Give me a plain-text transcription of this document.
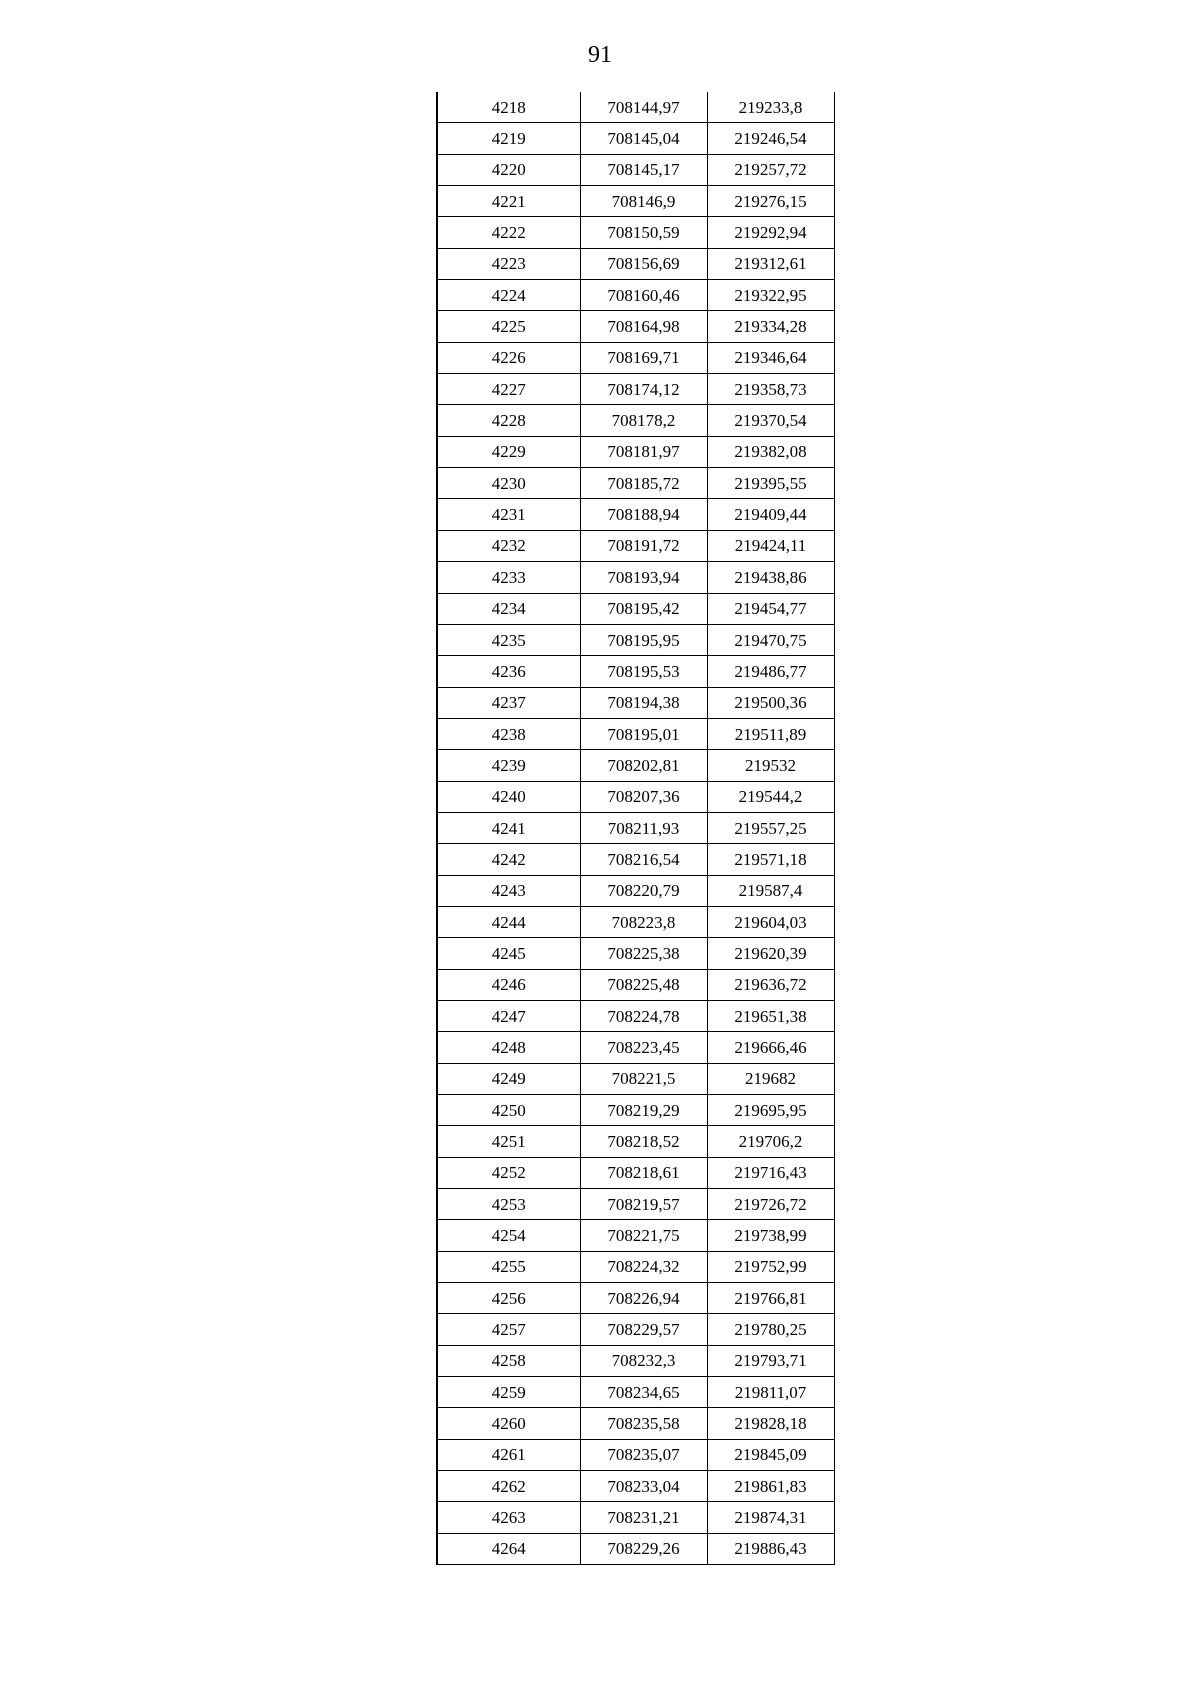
91
4218	708144,97	219233,8
4219	708145,04	219246,54
4220	708145,17	219257,72
4221	708146,9	219276,15
4222	708150,59	219292,94
4223	708156,69	219312,61
4224	708160,46	219322,95
4225	708164,98	219334,28
4226	708169,71	219346,64
4227	708174,12	219358,73
4228	708178,2	219370,54
4229	708181,97	219382,08
4230	708185,72	219395,55
4231	708188,94	219409,44
4232	708191,72	219424,11
4233	708193,94	219438,86
4234	708195,42	219454,77
4235	708195,95	219470,75
4236	708195,53	219486,77
4237	708194,38	219500,36
4238	708195,01	219511,89
4239	708202,81	219532
4240	708207,36	219544,2
4241	708211,93	219557,25
4242	708216,54	219571,18
4243	708220,79	219587,4
4244	708223,8	219604,03
4245	708225,38	219620,39
4246	708225,48	219636,72
4247	708224,78	219651,38
4248	708223,45	219666,46
4249	708221,5	219682
4250	708219,29	219695,95
4251	708218,52	219706,2
4252	708218,61	219716,43
4253	708219,57	219726,72
4254	708221,75	219738,99
4255	708224,32	219752,99
4256	708226,94	219766,81
4257	708229,57	219780,25
4258	708232,3	219793,71
4259	708234,65	219811,07
4260	708235,58	219828,18
4261	708235,07	219845,09
4262	708233,04	219861,83
4263	708231,21	219874,31
4264	708229,26	219886,43
